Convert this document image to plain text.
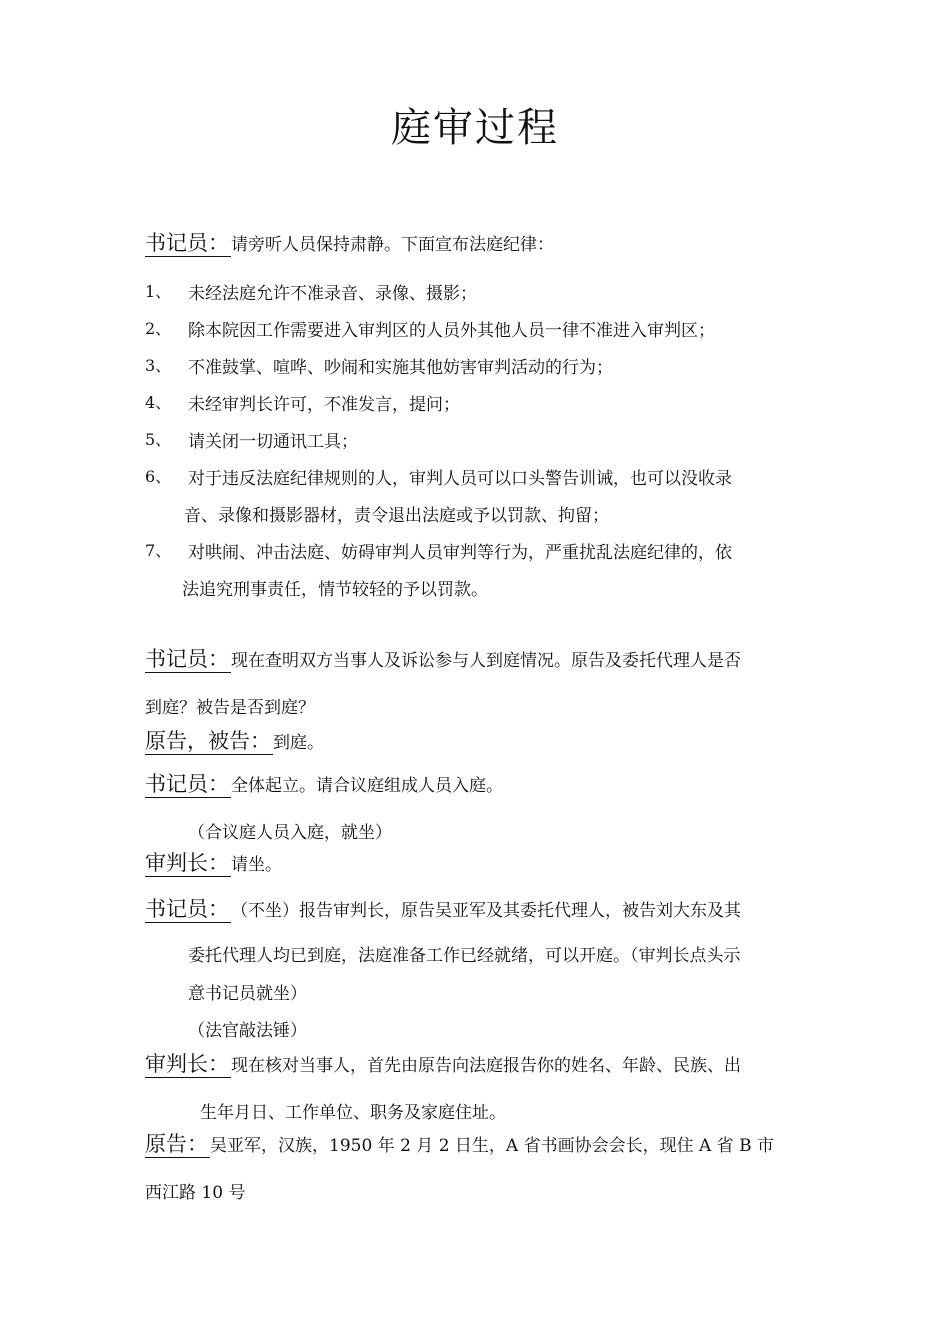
庭审过程
书记员： 请旁听人员保持肃静。下面宣布法庭纪律：
1、 未经法庭允许不准录音、录像、摄影；
2、 除本院因工作需要进入审判区的人员外其他人员一律不准进入审判区；
3、 不准鼓掌、喧哗、吵闹和实施其他妨害审判活动的行为；
4、 未经审判长许可，不准发言，提问；
5、 请关闭一切通讯工具；
6、 对于违反法庭纪律规则的人，审判人员可以口头警告训诫，也可以没收录
音、录像和摄影器材，责令退出法庭或予以罚款、拘留；
7、 对哄闹、冲击法庭、妨碍审判人员审判等行为，严重扰乱法庭纪律的，依
法追究刑事责任，情节较轻的予以罚款。
书记员： 现在查明双方当事人及诉讼参与人到庭情况。原告及委托代理人是否
到庭？被告是否到庭？
原告，被告： 到庭。
书记员： 全体起立。请合议庭组成人员入庭。
（合议庭人员入庭，就坐）
审判长： 请坐。
书记员： （不坐）报告审判长，原告吴亚军及其委托代理人，被告刘大东及其
委托代理人均已到庭，法庭准备工作已经就绪，可以开庭。（审判长点头示
意书记员就坐）
（法官敲法锤）
审判长： 现在核对当事人，首先由原告向法庭报告你的姓名、年龄、民族、出
生年月日、工作单位、职务及家庭住址。
原告： 吴亚军，汉族，1950 年 2 月 2 日生，A 省书画协会会长，现住 A 省 B 市
西江路 10 号
